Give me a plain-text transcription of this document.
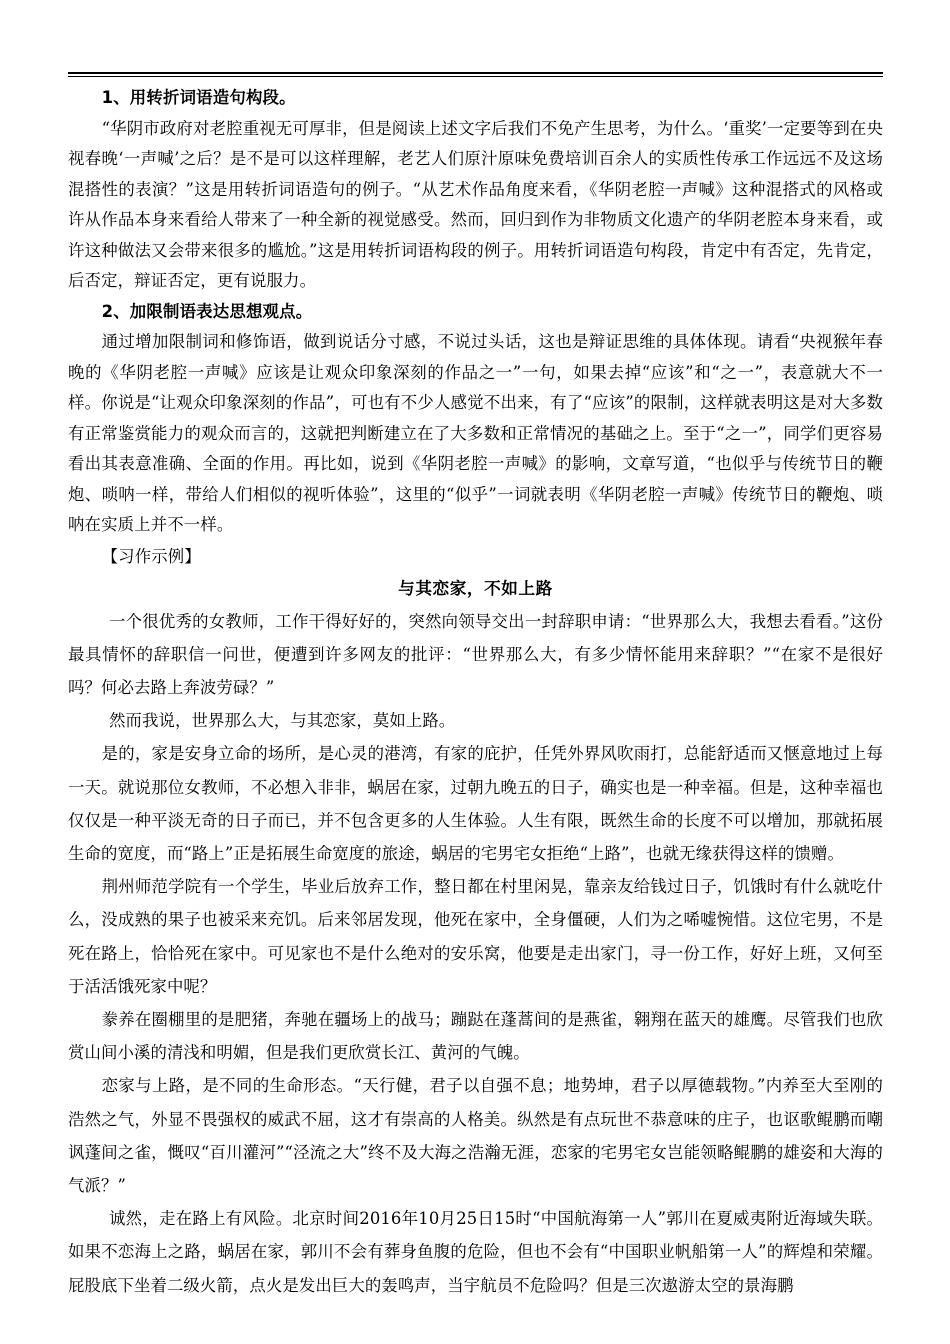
1、用转折词语造句构段。

“华阴市政府对老腔重视无可厚非，但是阅读上述文字后我们不免产生思考，为什么。‘重奖’一定要等到在央视春晚‘一声喊’之后？是不是可以这样理解，老艺人们原汁原味免费培训百余人的实质性传承工作远远不及这场混搭性的表演？”这是用转折词语造句的例子。“从艺术作品角度来看，《华阴老腔一声喊》这种混搭式的风格或许从作品本身来看给人带来了一种全新的视觉感受。然而，回归到作为非物质文化遗产的华阴老腔本身来看，或许这种做法又会带来很多的尴尬。”这是用转折词语构段的例子。用转折词语造句构段，肯定中有否定，先肯定，后否定，辩证否定，更有说服力。

2、加限制语表达思想观点。

通过增加限制词和修饰语，做到说话分寸感，不说过头话，这也是辩证思维的具体体现。请看“央视猴年春晚的《华阴老腔一声喊》应该是让观众印象深刻的作品之一”一句，如果去掉“应该”和“之一”，表意就大不一样。你说是“让观众印象深刻的作品”，可也有不少人感觉不出来，有了“应该”的限制，这样就表明这是对大多数有正常鉴赏能力的观众而言的，这就把判断建立在了大多数和正常情况的基础之上。至于“之一”，同学们更容易看出其表意准确、全面的作用。再比如，说到《华阴老腔一声喊》的影响，文章写道，“也似乎与传统节日的鞭炮、唢呐一样，带给人们相似的视听体验”，这里的“似乎”一词就表明《华阴老腔一声喊》传统节日的鞭炮、唢呐在实质上并不一样。

【习作示例】

与其恋家，不如上路

一个很优秀的女教师，工作干得好好的，突然向领导交出一封辞职申请：“世界那么大，我想去看看。”这份最具情怀的辞职信一问世，便遭到许多网友的批评：“世界那么大，有多少情怀能用来辞职？”“在家不是很好吗？何必去路上奔波劳碌？”

然而我说，世界那么大，与其恋家，莫如上路。

是的，家是安身立命的场所，是心灵的港湾，有家的庇护，任凭外界风吹雨打，总能舒适而又惬意地过上每一天。就说那位女教师，不必想入非非，蜗居在家，过朝九晚五的日子，确实也是一种幸福。但是，这种幸福也仅仅是一种平淡无奇的日子而已，并不包含更多的人生体验。人生有限，既然生命的长度不可以增加，那就拓展生命的宽度，而“路上”正是拓展生命宽度的旅途，蜗居的宅男宅女拒绝“上路”，也就无缘获得这样的馈赠。

荆州师范学院有一个学生，毕业后放弃工作，整日都在村里闲晃，靠亲友给钱过日子，饥饿时有什么就吃什么，没成熟的果子也被采来充饥。后来邻居发现，他死在家中，全身僵硬，人们为之唏嘘惋惜。这位宅男，不是死在路上，恰恰死在家中。可见家也不是什么绝对的安乐窝，他要是走出家门，寻一份工作，好好上班，又何至于活活饿死家中呢？

豢养在圈棚里的是肥猪，奔驰在疆场上的战马；蹦跶在蓬蒿间的是燕雀，翱翔在蓝天的雄鹰。尽管我们也欣赏山间小溪的清浅和明媚，但是我们更欣赏长江、黄河的气魄。

恋家与上路，是不同的生命形态。“天行健，君子以自强不息；地势坤，君子以厚德载物。”内养至大至刚的浩然之气，外显不畏强权的威武不屈，这才有崇高的人格美。纵然是有点玩世不恭意味的庄子，也讴歌鲲鹏而嘲讽蓬间之雀，慨叹“百川灌河”“泾流之大”终不及大海之浩瀚无涯，恋家的宅男宅女岂能领略鲲鹏的雄姿和大海的气派？”

诚然，走在路上有风险。北京时间2016年10月25日15时“中国航海第一人”郭川在夏威夷附近海域失联。如果不恋海上之路，蜗居在家，郭川不会有葬身鱼腹的危险，但也不会有“中国职业帆船第一人”的辉煌和荣耀。屁股底下坐着二级火箭，点火是发出巨大的轰鸣声，当宇航员不危险吗？但是三次遨游太空的景海鹏
